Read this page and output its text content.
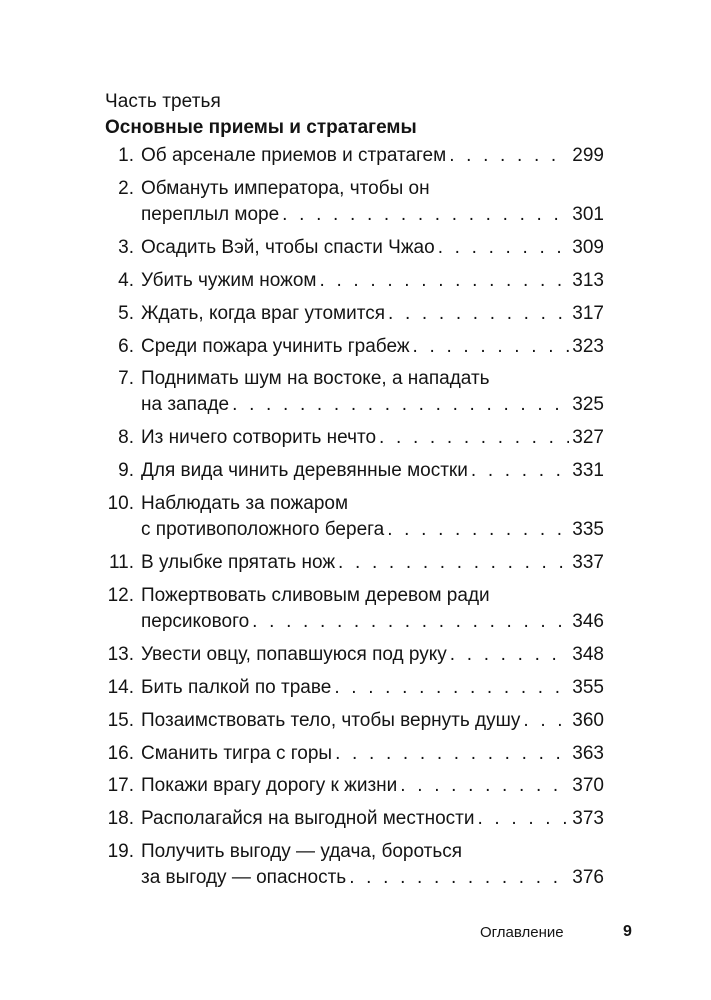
Часть третья
Основные приемы и стратагемы
1. Об арсенале приемов и стратагем . . .	299
2. Обмануть императора, чтобы он
переплыл море . . .	301
3. Осадить Вэй, чтобы спасти Чжао . . .	309
4. Убить чужим ножом . . .	313
5. Ждать, когда враг утомится . . .	317
6. Среди пожара учинить грабеж . . .	323
7. Поднимать шум на востоке, а нападать
на западе . . .	325
8. Из ничего сотворить нечто . . .	327
9. Для вида чинить деревянные мостки . . .	331
10. Наблюдать за пожаром
с противоположного берега . . .	335
11. В улыбке прятать нож . . .	337
12. Пожертвовать сливовым деревом ради
персикового . . .	346
13. Увести овцу, попавшуюся под руку . . .	348
14. Бить палкой по траве . . .	355
15. Позаимствовать тело, чтобы вернуть душу . . .	360
16. Сманить тигра с горы . . .	363
17. Покажи врагу дорогу к жизни . . .	370
18. Располагайся на выгодной местности . . .	373
19. Получить выгоду — удача, бороться
за выгоду — опасность . . .	376
Оглавление	9
